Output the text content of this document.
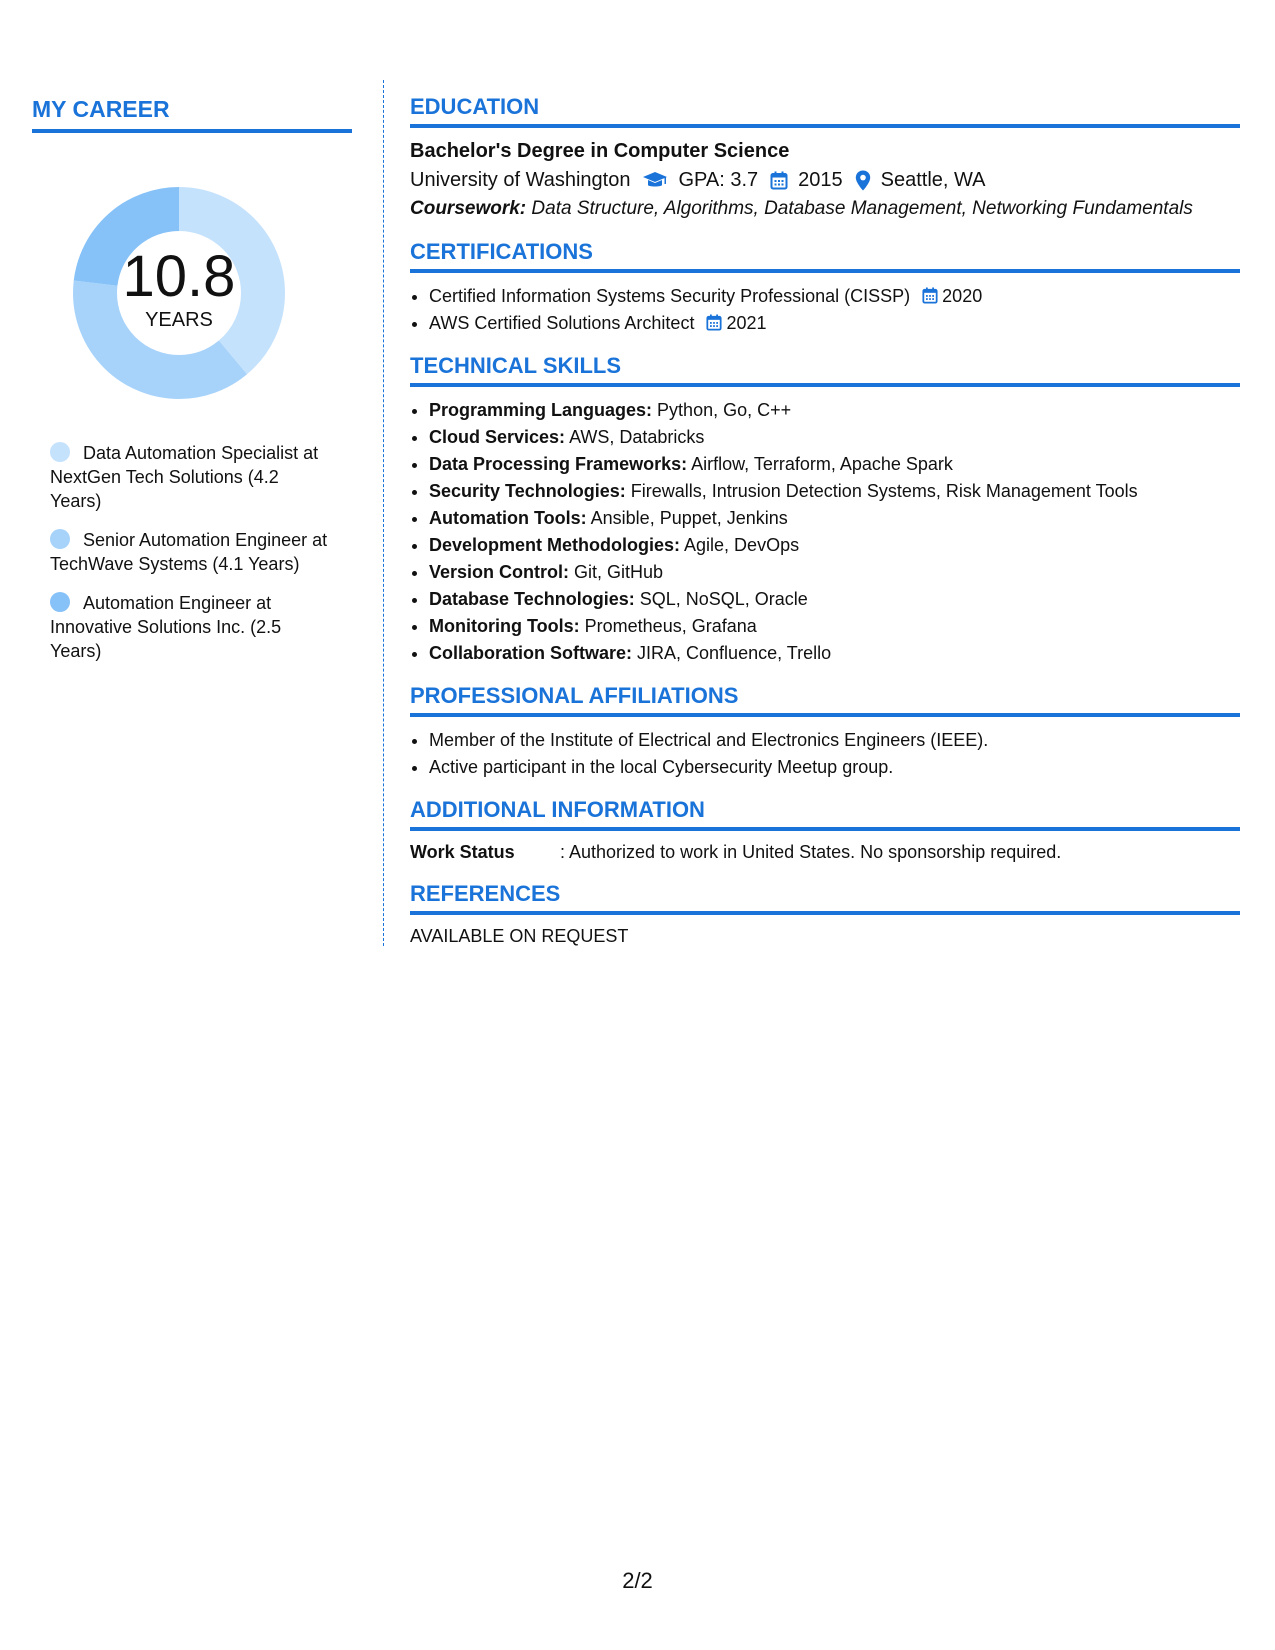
MY CAREER
10.8
YEARS
Data Automation Specialist at NextGen Tech Solutions (4.2 Years)
Senior Automation Engineer at TechWave Systems (4.1 Years)
Automation Engineer at Innovative Solutions Inc. (2.5 Years)
EDUCATION
Bachelor's Degree in Computer Science
University of Washington GPA: 3.7 2015 Seattle, WA
Coursework: Data Structure, Algorithms, Database Management, Networking Fundamentals
CERTIFICATIONS
• Certified Information Systems Security Professional (CISSP) 2020
• AWS Certified Solutions Architect 2021
TECHNICAL SKILLS
• Programming Languages: Python, Go, C++
• Cloud Services: AWS, Databricks
• Data Processing Frameworks: Airflow, Terraform, Apache Spark
• Security Technologies: Firewalls, Intrusion Detection Systems, Risk Management Tools
• Automation Tools: Ansible, Puppet, Jenkins
• Development Methodologies: Agile, DevOps
• Version Control: Git, GitHub
• Database Technologies: SQL, NoSQL, Oracle
• Monitoring Tools: Prometheus, Grafana
• Collaboration Software: JIRA, Confluence, Trello
PROFESSIONAL AFFILIATIONS
• Member of the Institute of Electrical and Electronics Engineers (IEEE).
• Active participant in the local Cybersecurity Meetup group.
ADDITIONAL INFORMATION
Work Status	: Authorized to work in United States. No sponsorship required.
REFERENCES
AVAILABLE ON REQUEST
2/2
